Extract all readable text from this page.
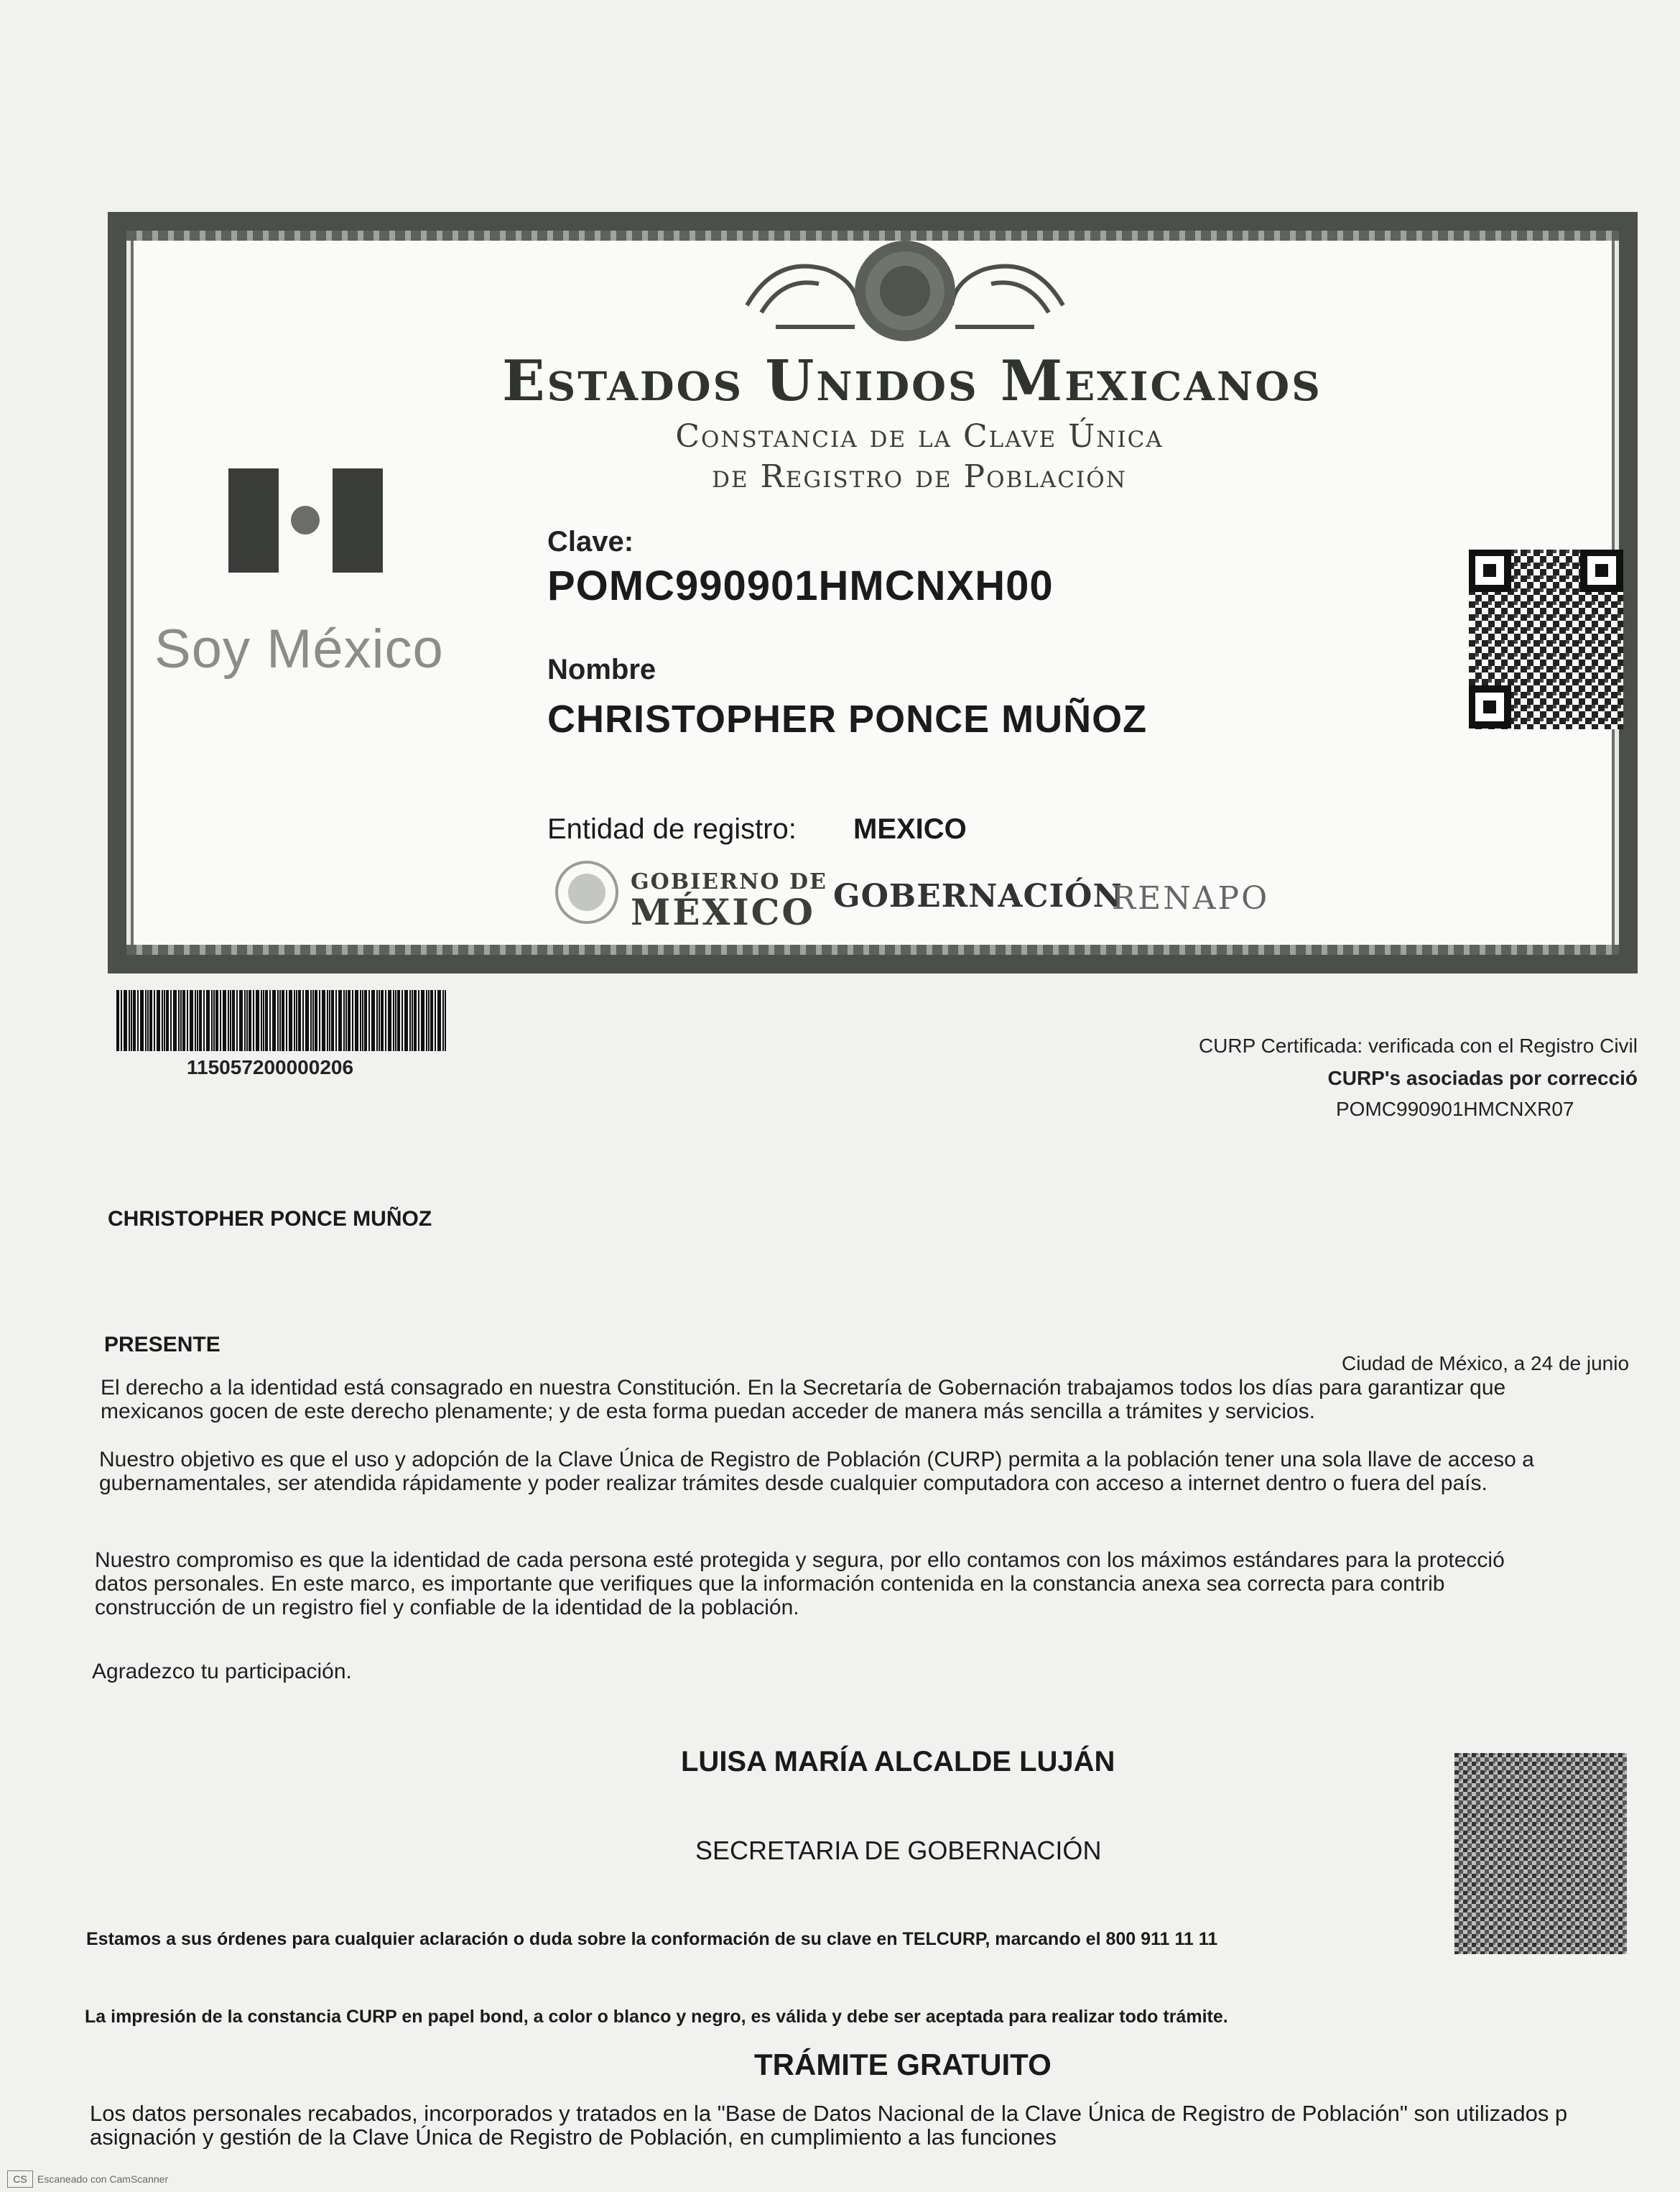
Estados Unidos Mexicanos
Constancia de la Clave Única
de Registro de Población
Soy México
Clave:
POMC990901HMCNXH00
Nombre
CHRISTOPHER PONCE MUÑOZ
Entidad de registro: MEXICO
GOBIERNO DE
MÉXICO GOBERNACIÓN
RENAPO
115057200000206
CURP Certificada: verificada con el Registro Civil
CURP's asociadas por correcció
POMC990901HMCNXR07
CHRISTOPHER PONCE MUÑOZ
PRESENTE
Ciudad de México, a 24 de junio
El derecho a la identidad está consagrado en nuestra Constitución. En la Secretaría de Gobernación trabajamos todos los días para garantizar que
mexicanos gocen de este derecho plenamente; y de esta forma puedan acceder de manera más sencilla a trámites y servicios.
Nuestro objetivo es que el uso y adopción de la Clave Única de Registro de Población (CURP) permita a la población tener una sola llave de acceso a
gubernamentales, ser atendida rápidamente y poder realizar trámites desde cualquier computadora con acceso a internet dentro o fuera del país.
Nuestro compromiso es que la identidad de cada persona esté protegida y segura, por ello contamos con los máximos estándares para la protecció
datos personales. En este marco, es importante que verifiques que la información contenida en la constancia anexa sea correcta para contrib
construcción de un registro fiel y confiable de la identidad de la población.
Agradezco tu participación.
LUISA MARÍA ALCALDE LUJÁN
SECRETARIA DE GOBERNACIÓN
Estamos a sus órdenes para cualquier aclaración o duda sobre la conformación de su clave en TELCURP, marcando el 800 911 11 11
La impresión de la constancia CURP en papel bond, a color o blanco y negro, es válida y debe ser aceptada para realizar todo trámite.
TRÁMITE GRATUITO
Los datos personales recabados, incorporados y tratados en la "Base de Datos Nacional de la Clave Única de Registro de Población" son utilizados p
asignación y gestión de la Clave Única de Registro de Población, en cumplimiento a las funciones
CS	Escaneado con CamScanner
